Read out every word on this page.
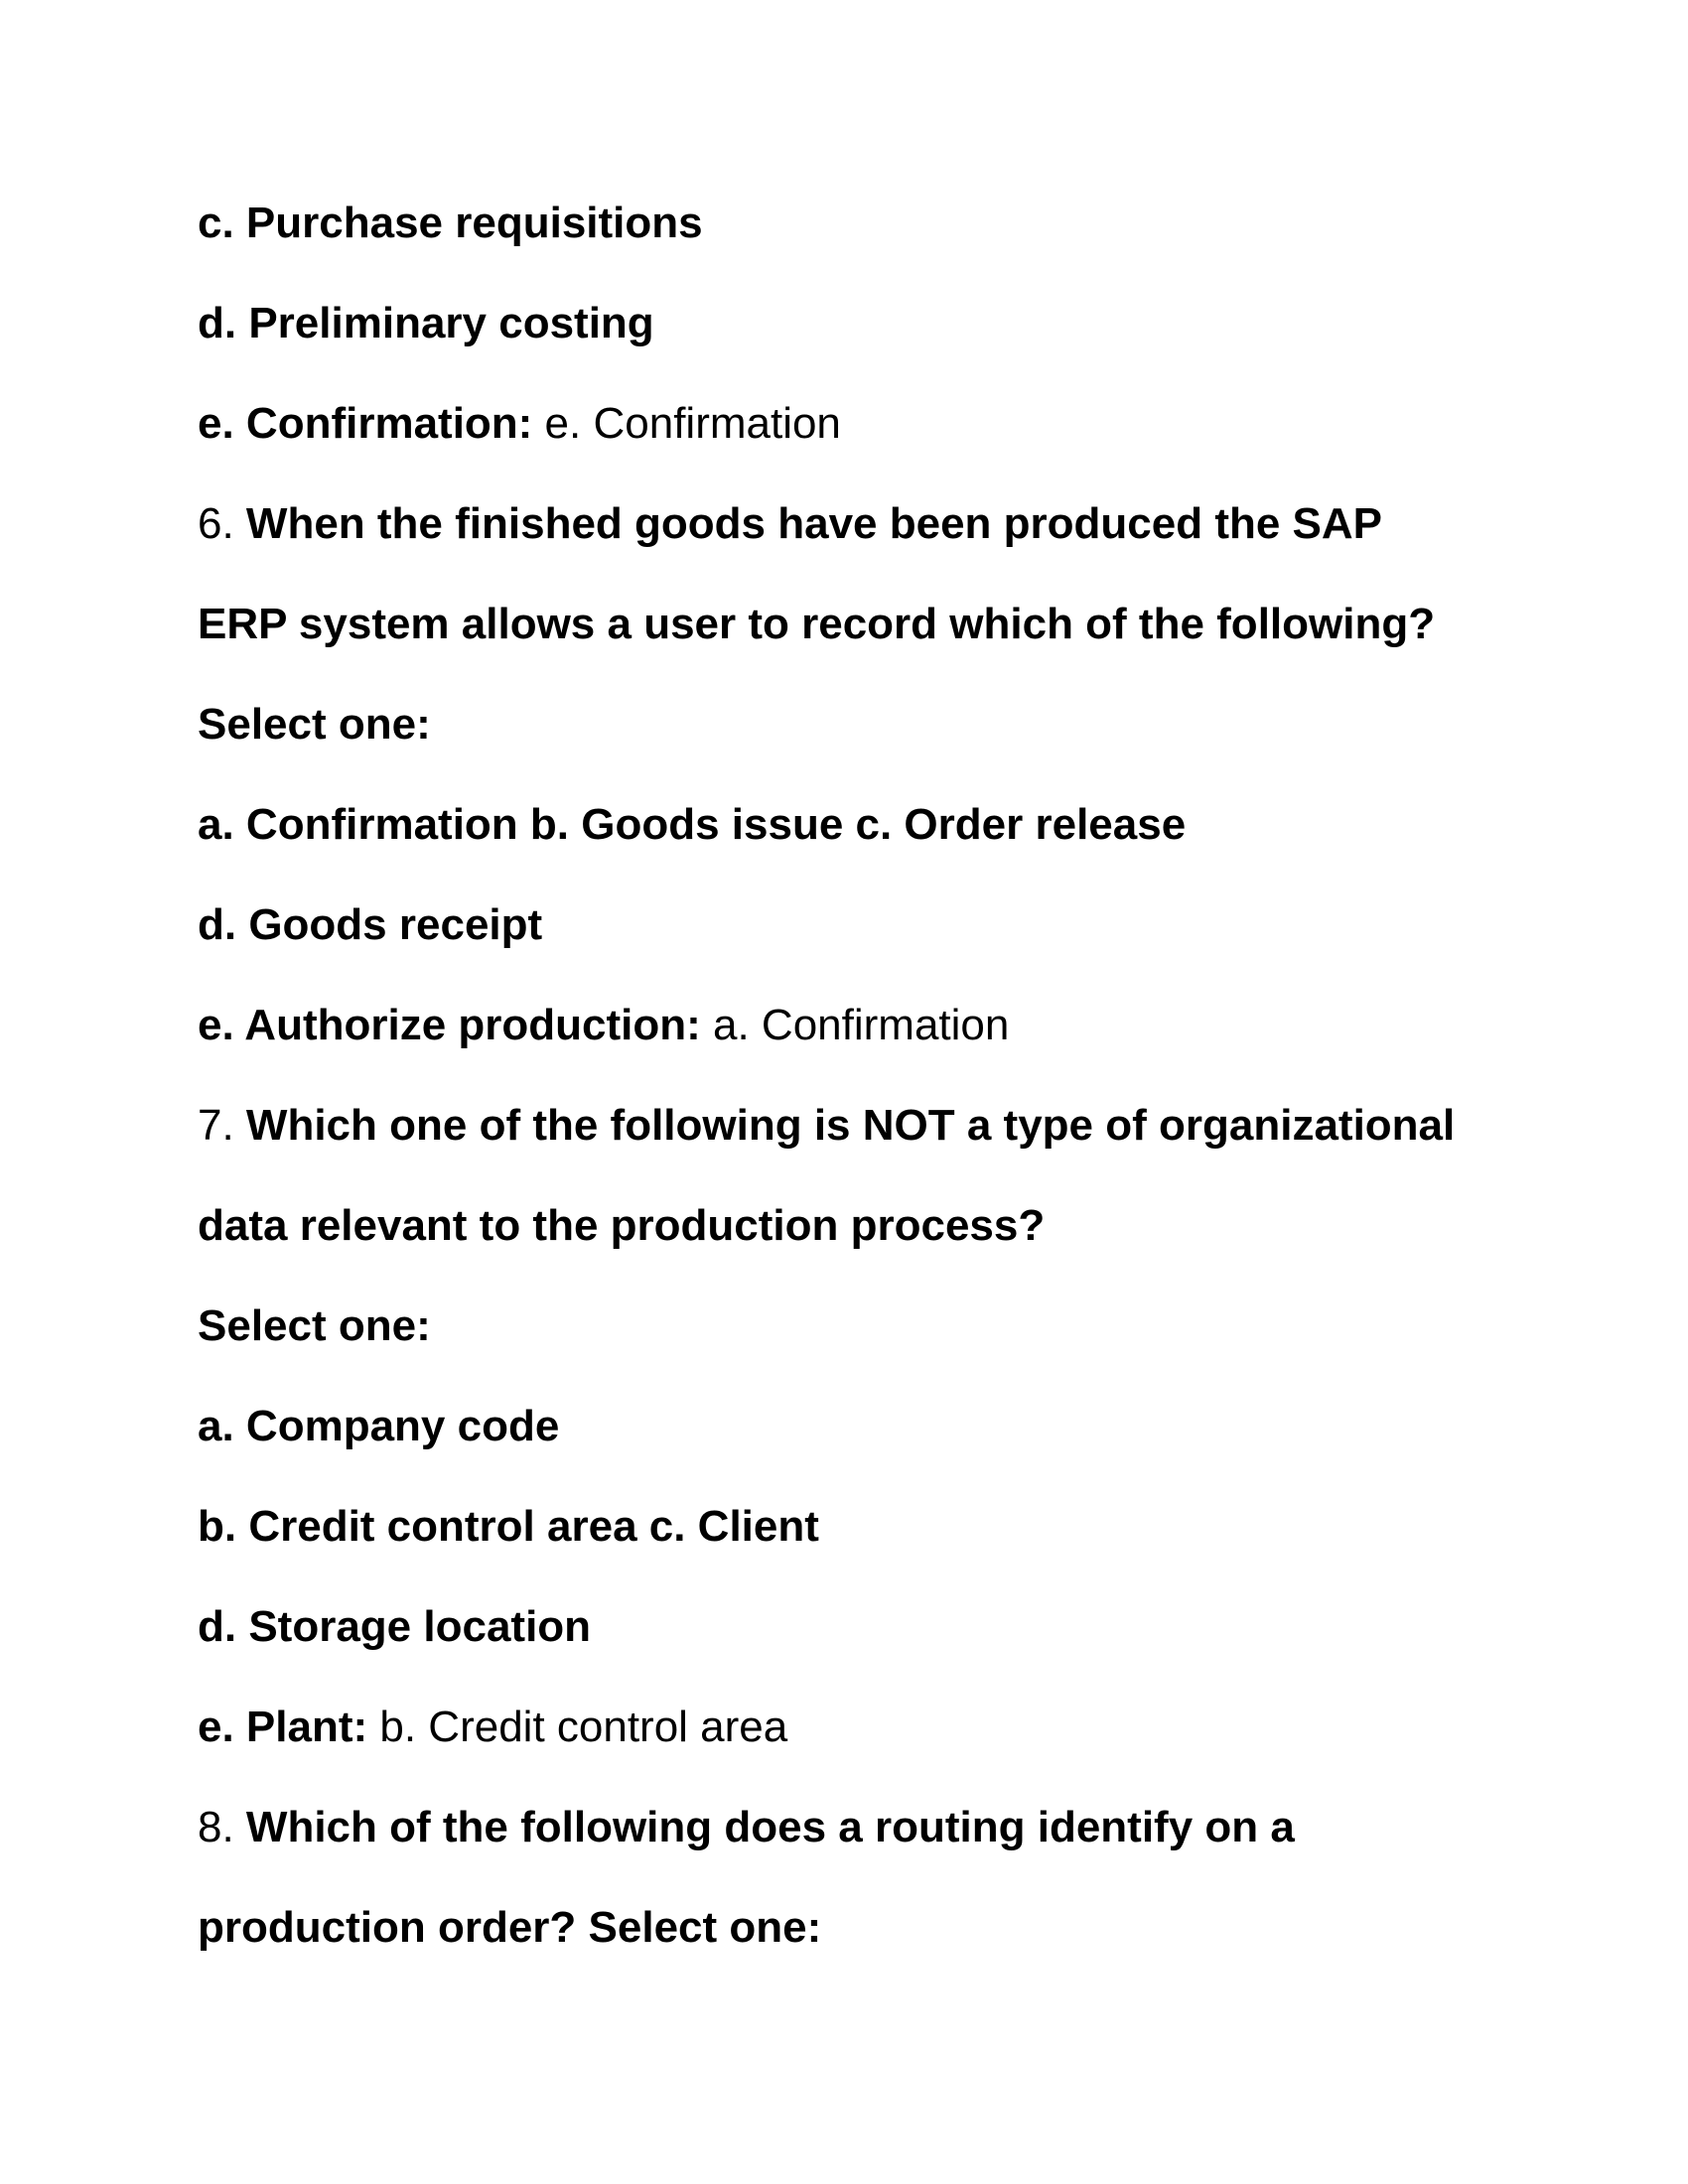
c. Purchase requisitions
d. Preliminary costing
e. Confirmation: e. Confirmation
6. When the finished goods have been produced the SAP
ERP system allows a user to record which of the following?
Select one:
a. Confirmation b. Goods issue c. Order release
d. Goods receipt
e. Authorize production: a. Confirmation
7. Which one of the following is NOT a type of organizational
data relevant to the production process?
Select one:
a. Company code
b. Credit control area c. Client
d. Storage location
e. Plant: b. Credit control area
8. Which of the following does a routing identify on a
production order? Select one:
